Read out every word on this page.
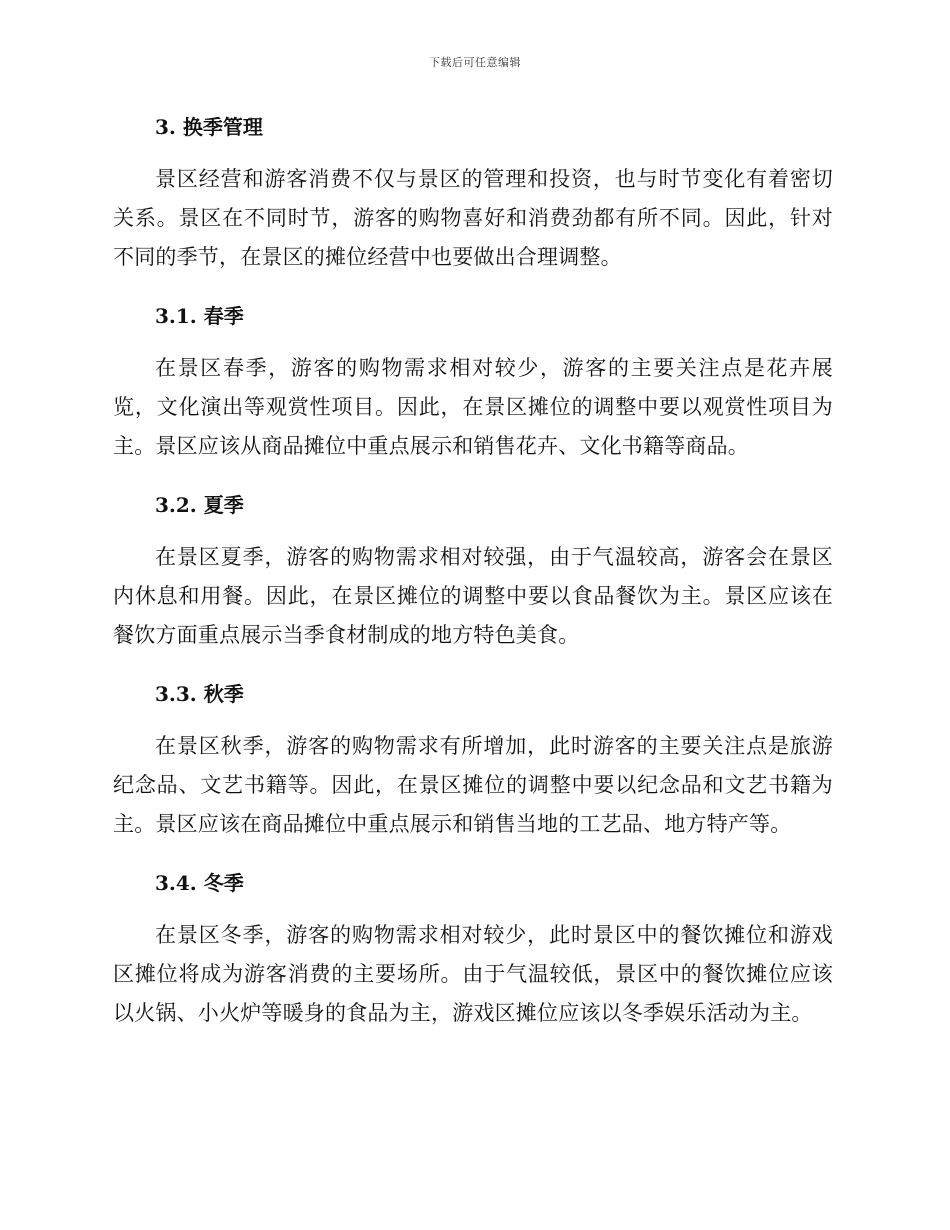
下载后可任意编辑
3. 换季管理

景区经营和游客消费不仅与景区的管理和投资，也与时节变化有着密切关系。景区在不同时节，游客的购物喜好和消费劲都有所不同。因此，针对不同的季节，在景区的摊位经营中也要做出合理调整。

3.1. 春季

在景区春季，游客的购物需求相对较少，游客的主要关注点是花卉展览，文化演出等观赏性项目。因此，在景区摊位的调整中要以观赏性项目为主。景区应该从商品摊位中重点展示和销售花卉、文化书籍等商品。

3.2. 夏季

在景区夏季，游客的购物需求相对较强，由于气温较高，游客会在景区内休息和用餐。因此，在景区摊位的调整中要以食品餐饮为主。景区应该在餐饮方面重点展示当季食材制成的地方特色美食。

3.3. 秋季

在景区秋季，游客的购物需求有所增加，此时游客的主要关注点是旅游纪念品、文艺书籍等。因此，在景区摊位的调整中要以纪念品和文艺书籍为主。景区应该在商品摊位中重点展示和销售当地的工艺品、地方特产等。

3.4. 冬季

在景区冬季，游客的购物需求相对较少，此时景区中的餐饮摊位和游戏区摊位将成为游客消费的主要场所。由于气温较低，景区中的餐饮摊位应该以火锅、小火炉等暖身的食品为主，游戏区摊位应该以冬季娱乐活动为主。
